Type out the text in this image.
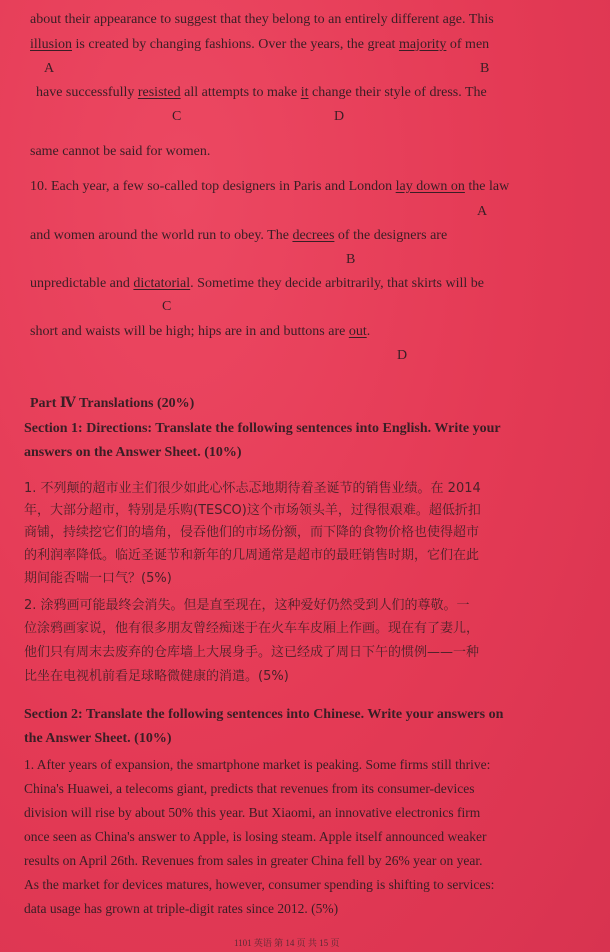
about their appearance to suggest that they belong to an entirely different age. This
illusion is created by changing fashions. Over the years, the great majority of men
A	B
have successfully resisted all attempts to make it change their style of dress. The
C	D
same cannot be said for women.
10. Each year, a few so-called top designers in Paris and London lay down on the law
A
and women around the world run to obey. The decrees of the designers are
B
unpredictable and dictatorial. Sometime they decide arbitrarily, that skirts will be
C
short and waists will be high; hips are in and buttons are out.
D
Part Ⅳ Translations (20%)
Section 1: Directions: Translate the following sentences into English. Write your
answers on the Answer Sheet. (10%)
1. 不列颠的超市业主们很少如此心怀忐忑地期待着圣诞节的销售业绩。在 2014
年，大部分超市，特别是乐购(TESCO)这个市场领头羊，过得很艰难。超低折扣
商铺，持续挖它们的墙角，侵吞他们的市场份额，而下降的食物价格也使得超市
的利润率降低。临近圣诞节和新年的几周通常是超市的最旺销售时期，它们在此
期间能否喘一口气？(5%)
2. 涂鸦画可能最终会消失。但是直至现在，这种爱好仍然受到人们的尊敬。一
位涂鸦画家说，他有很多朋友曾经痴迷于在火车车皮厢上作画。现在有了妻儿，
他们只有周末去废弃的仓库墙上大展身手。这已经成了周日下午的惯例——一种
比坐在电视机前看足球略微健康的消遣。(5%)
Section 2: Translate the following sentences into Chinese. Write your answers on
the Answer Sheet. (10%)
1. After years of expansion, the smartphone market is peaking. Some firms still thrive:
China's Huawei, a telecoms giant, predicts that revenues from its consumer-devices
division will rise by about 50% this year. But Xiaomi, an innovative electronics firm
once seen as China's answer to Apple, is losing steam. Apple itself announced weaker
results on April 26th. Revenues from sales in greater China fell by 26% year on year.
As the market for devices matures, however, consumer spending is shifting to services:
data usage has grown at triple-digit rates since 2012. (5%)
1101 英语 第 14 页 共 15 页
